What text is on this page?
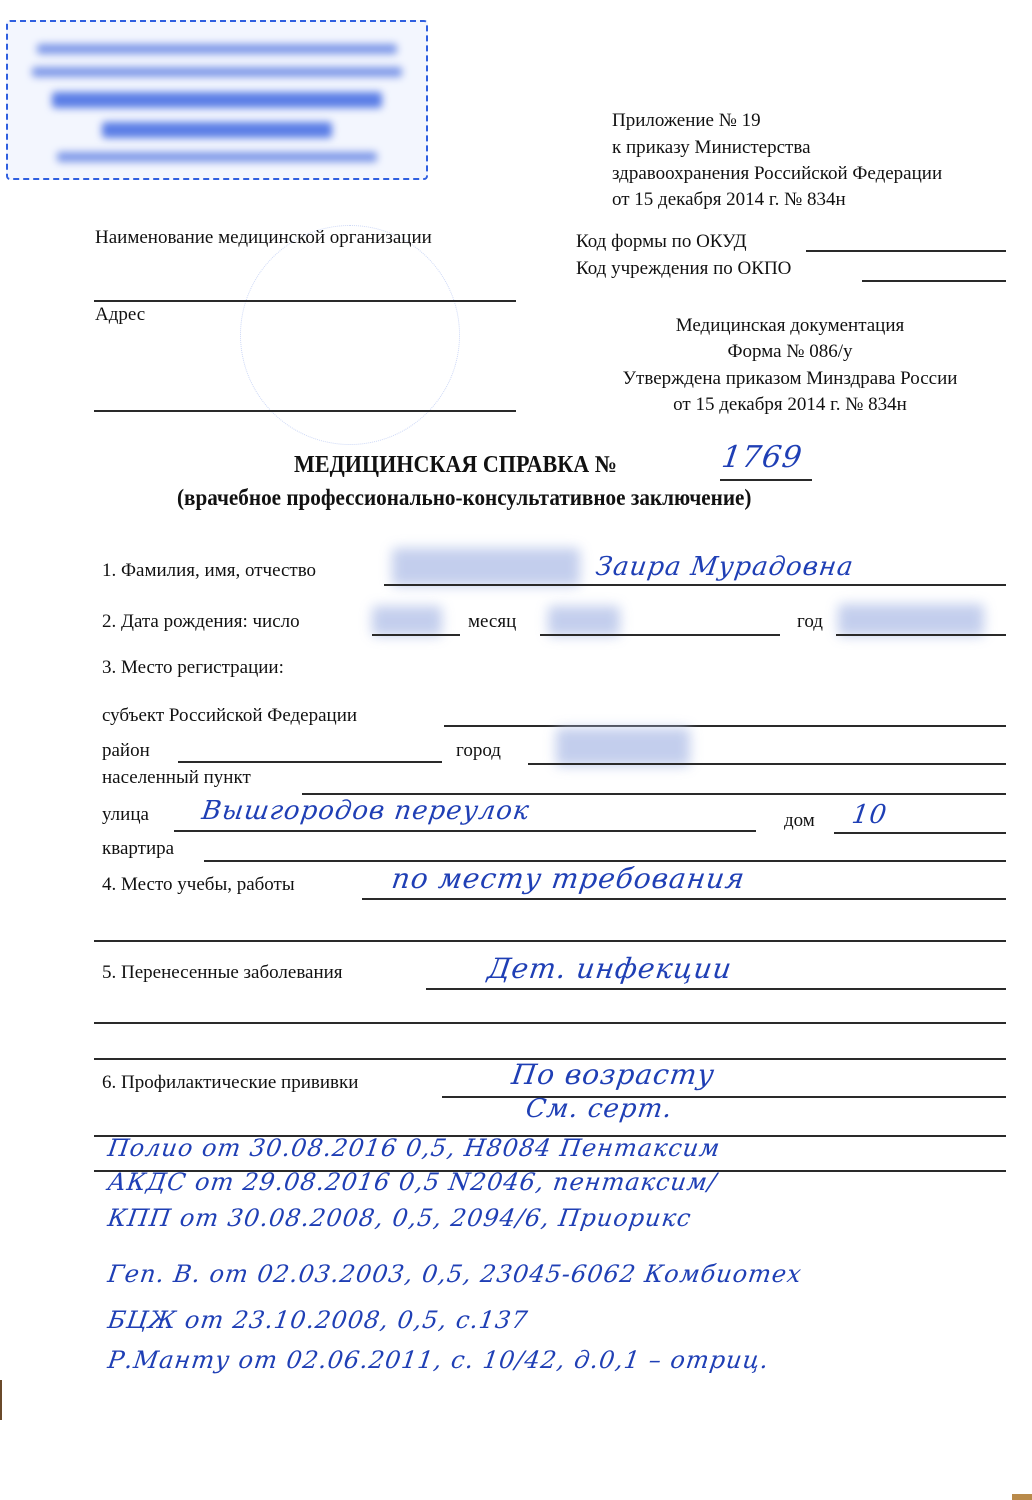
Приложение № 19
к приказу Министерства
здравоохранения Российской Федерации
от 15 декабря 2014 г. № 834н
Наименование медицинской организации
Адрес
Код формы по ОКУД
Код учреждения по ОКПО
Медицинская документация
Форма № 086/у
Утверждена приказом Минздрава России
от 15 декабря 2014 г. № 834н
МЕДИЦИНСКАЯ СПРАВКА №	1769
(врачебное профессионально-консультативное заключение)
1. Фамилия, имя, отчество	Заира Мурадовна
2. Дата рождения: число	месяц	год
3. Место регистрации:
субъект Российской Федерации
район	город
населенный пункт
улица Вышгородов переулок	дом 10
квартира
4. Место учебы, работы	по месту требования
5. Перенесенные заболевания	Дет. инфекции
6. Профилактические прививки	По возрасту
См. серт.
Полио от 30.08.2016 0,5, Н8084 Пентаксим
АКДС от 29.08.2016 0,5 N2046, пентаксим/
КПП от 30.08.2008, 0,5, 2094/6, Приорикс
Геп. В. от 02.03.2003, 0,5, 23045-6062 Комбиотех
БЦЖ от 23.10.2008, 0,5, с.137
Р.Манту от 02.06.2011, с. 10/42, д.0,1 – отриц.
